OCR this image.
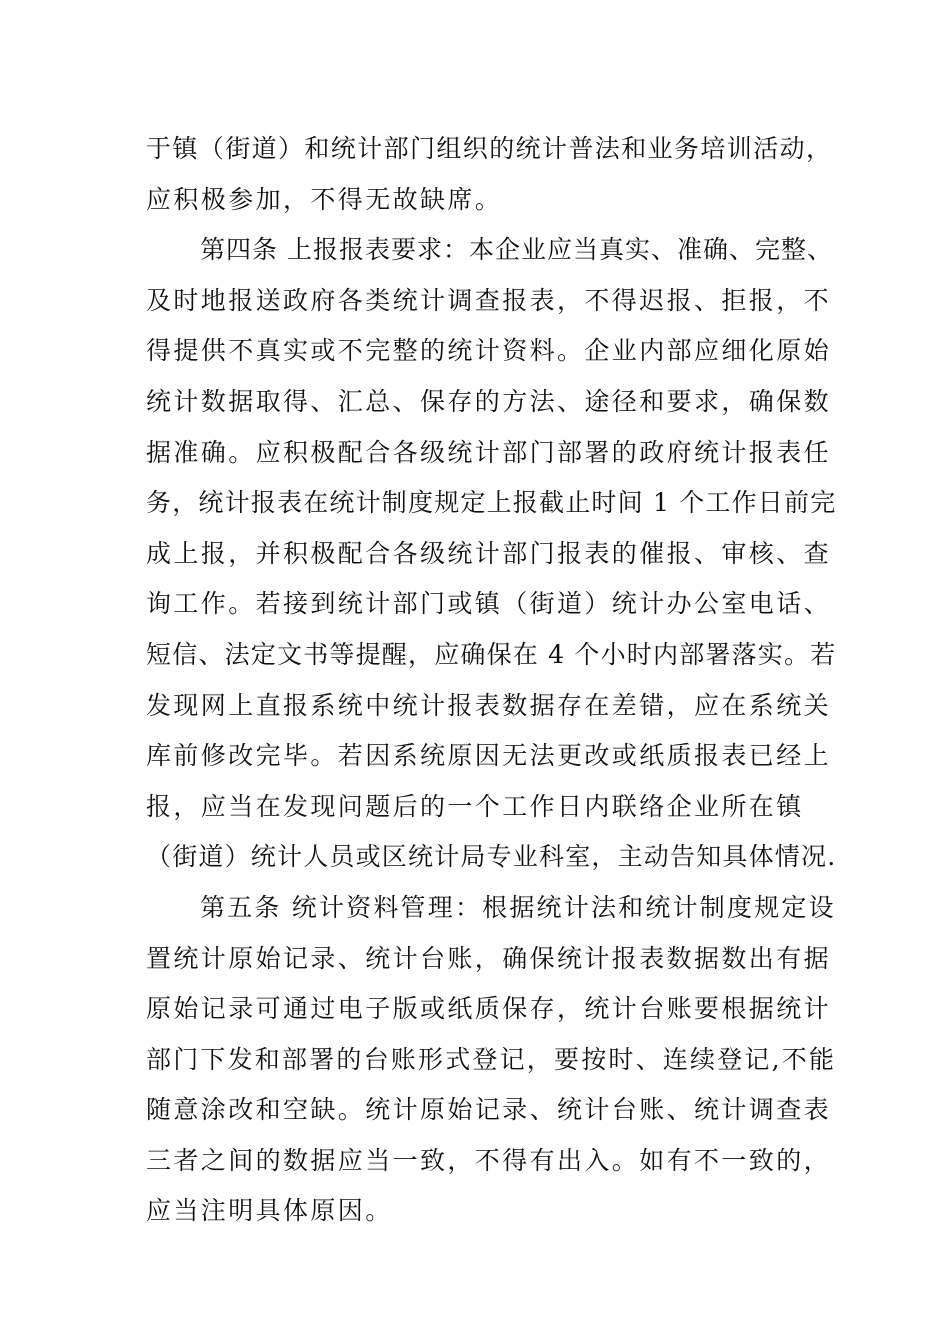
于镇（街道）和统计部门组织的统计普法和业务培训活动，
应积极参加，不得无故缺席。
第四条 上报报表要求：本企业应当真实、准确、完整、
及时地报送政府各类统计调查报表，不得迟报、拒报，不
得提供不真实或不完整的统计资料。企业内部应细化原始
统计数据取得、汇总、保存的方法、途径和要求，确保数
据准确。应积极配合各级统计部门部署的政府统计报表任
务，统计报表在统计制度规定上报截止时间 1 个工作日前完
成上报，并积极配合各级统计部门报表的催报、审核、查
询工作。若接到统计部门或镇（街道）统计办公室电话、
短信、法定文书等提醒，应确保在 4 个小时内部署落实。若
发现网上直报系统中统计报表数据存在差错，应在系统关
库前修改完毕。若因系统原因无法更改或纸质报表已经上
报，应当在发现问题后的一个工作日内联络企业所在镇
（街道）统计人员或区统计局专业科室，主动告知具体情况.
第五条 统计资料管理：根据统计法和统计制度规定设
置统计原始记录、统计台账，确保统计报表数据数出有据
原始记录可通过电子版或纸质保存，统计台账要根据统计
部门下发和部署的台账形式登记，要按时、连续登记,不能
随意涂改和空缺。统计原始记录、统计台账、统计调查表
三者之间的数据应当一致，不得有出入。如有不一致的，
应当注明具体原因。
